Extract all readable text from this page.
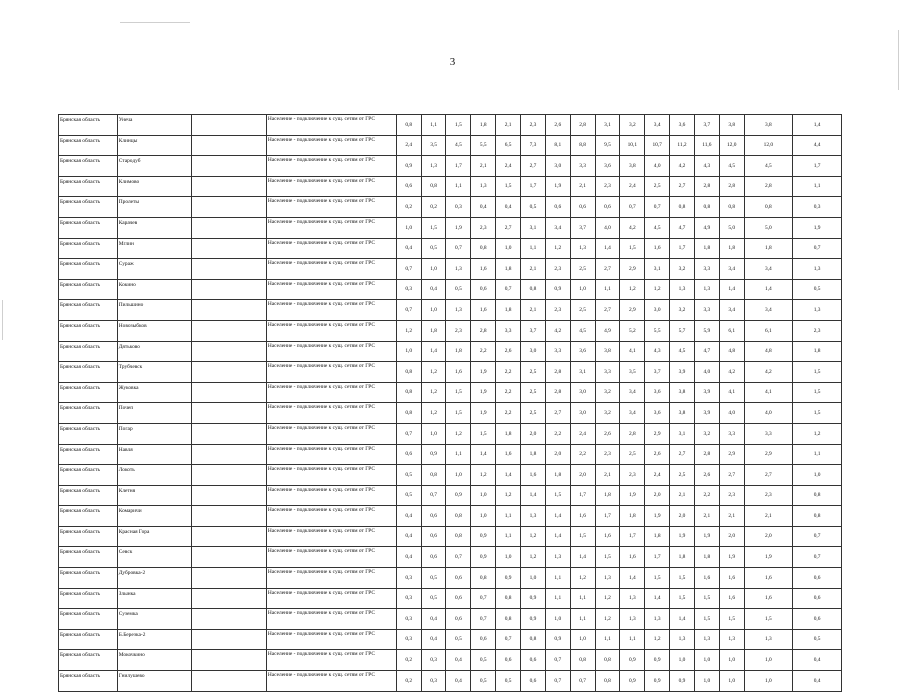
3
Брянская область	Унеча		Население - подключение к сущ. сетям от ГРС	0,8	1,1	1,5	1,8	2,1	2,3	2,6	2,8	3,1	3,2	3,4	3,6	3,7	3,8	3,8	1,4
Брянская область	Клинцы		Население - подключение к сущ. сетям от ГРС	2,4	3,5	4,5	5,5	6,5	7,3	8,1	8,8	9,5	10,1	10,7	11,2	11,6	12,0	12,0	4,4
Брянская область	Стародуб		Население - подключение к сущ. сетям от ГРС	0,9	1,3	1,7	2,1	2,4	2,7	3,0	3,3	3,6	3,8	4,0	4,2	4,3	4,5	4,5	1,7
Брянская область	Климово		Население - подключение к сущ. сетям от ГРС	0,6	0,8	1,1	1,3	1,5	1,7	1,9	2,1	2,3	2,4	2,5	2,7	2,8	2,8	2,8	1,1
Брянская область	Пролеты		Население - подключение к сущ. сетям от ГРС	0,2	0,2	0,3	0,4	0,4	0,5	0,6	0,6	0,6	0,7	0,7	0,8	0,8	0,8	0,8	0,3
Брянская область	Карачев		Население - подключение к сущ. сетям от ГРС	1,0	1,5	1,9	2,3	2,7	3,1	3,4	3,7	4,0	4,2	4,5	4,7	4,9	5,0	5,0	1,9
Брянская область	Мглин		Население - подключение к сущ. сетям от ГРС	0,4	0,5	0,7	0,8	1,0	1,1	1,2	1,3	1,4	1,5	1,6	1,7	1,8	1,8	1,8	0,7
Брянская область	Сураж		Население - подключение к сущ. сетям от ГРС	0,7	1,0	1,3	1,6	1,8	2,1	2,3	2,5	2,7	2,9	3,1	3,2	3,3	3,4	3,4	1,3
Брянская область	Кокино		Население - подключение к сущ. сетям от ГРС	0,3	0,4	0,5	0,6	0,7	0,8	0,9	1,0	1,1	1,2	1,2	1,3	1,3	1,4	1,4	0,5
Брянская область	Пильшино		Население - подключение к сущ. сетям от ГРС	0,7	1,0	1,3	1,6	1,8	2,1	2,3	2,5	2,7	2,9	3,0	3,2	3,3	3,4	3,4	1,3
Брянская область	Новозыбков		Население - подключение к сущ. сетям от ГРС	1,2	1,8	2,3	2,8	3,3	3,7	4,2	4,5	4,9	5,2	5,5	5,7	5,9	6,1	6,1	2,3
Брянская область	Дятьково		Население - подключение к сущ. сетям от ГРС	1,0	1,4	1,8	2,2	2,6	3,0	3,3	3,6	3,8	4,1	4,3	4,5	4,7	4,8	4,8	1,8
Брянская область	Трубчевск		Население - подключение к сущ. сетям от ГРС	0,8	1,2	1,6	1,9	2,2	2,5	2,8	3,1	3,3	3,5	3,7	3,9	4,0	4,2	4,2	1,5
Брянская область	Жуковка		Население - подключение к сущ. сетям от ГРС	0,8	1,2	1,5	1,9	2,2	2,5	2,8	3,0	3,2	3,4	3,6	3,8	3,9	4,1	4,1	1,5
Брянская область	Почеп		Население - подключение к сущ. сетям от ГРС	0,8	1,2	1,5	1,9	2,2	2,5	2,7	3,0	3,2	3,4	3,6	3,8	3,9	4,0	4,0	1,5
Брянская область	Погар		Население - подключение к сущ. сетям от ГРС	0,7	1,0	1,2	1,5	1,8	2,0	2,2	2,4	2,6	2,8	2,9	3,1	3,2	3,3	3,3	1,2
Брянская область	Навля		Население - подключение к сущ. сетям от ГРС	0,6	0,9	1,1	1,4	1,6	1,8	2,0	2,2	2,3	2,5	2,6	2,7	2,8	2,9	2,9	1,1
Брянская область	Локоть		Население - подключение к сущ. сетям от ГРС	0,5	0,8	1,0	1,2	1,4	1,6	1,8	2,0	2,1	2,3	2,4	2,5	2,6	2,7	2,7	1,0
Брянская область	Клетня		Население - подключение к сущ. сетям от ГРС	0,5	0,7	0,9	1,0	1,2	1,4	1,5	1,7	1,8	1,9	2,0	2,1	2,2	2,3	2,3	0,8
Брянская область	Комаричи		Население - подключение к сущ. сетям от ГРС	0,4	0,6	0,8	1,0	1,1	1,3	1,4	1,6	1,7	1,8	1,9	2,0	2,1	2,1	2,1	0,8
Брянская область	Красная Гора		Население - подключение к сущ. сетям от ГРС	0,4	0,6	0,8	0,9	1,1	1,2	1,4	1,5	1,6	1,7	1,8	1,9	1,9	2,0	2,0	0,7
Брянская область	Севск		Население - подключение к сущ. сетям от ГРС	0,4	0,6	0,7	0,9	1,0	1,2	1,3	1,4	1,5	1,6	1,7	1,8	1,8	1,9	1,9	0,7
Брянская область	Дубровка-2		Население - подключение к сущ. сетям от ГРС	0,3	0,5	0,6	0,8	0,9	1,0	1,1	1,2	1,3	1,4	1,5	1,5	1,6	1,6	1,6	0,6
Брянская область	Злынка		Население - подключение к сущ. сетям от ГРС	0,3	0,5	0,6	0,7	0,8	0,9	1,1	1,1	1,2	1,3	1,4	1,5	1,5	1,6	1,6	0,6
Брянская область	Суземка		Население - подключение к сущ. сетям от ГРС	0,3	0,4	0,6	0,7	0,8	0,9	1,0	1,1	1,2	1,3	1,3	1,4	1,5	1,5	1,5	0,6
Брянская область	Б.Березка-2		Население - подключение к сущ. сетям от ГРС	0,3	0,4	0,5	0,6	0,7	0,8	0,9	1,0	1,1	1,1	1,2	1,3	1,3	1,3	1,3	0,5
Брянская область	Мокочкино		Население - подключение к сущ. сетям от ГРС	0,2	0,3	0,4	0,5	0,6	0,6	0,7	0,8	0,8	0,9	0,9	1,0	1,0	1,0	1,0	0,4
Брянская область	Гнилушево		Население - подключение к сущ. сетям от ГРС	0,2	0,3	0,4	0,5	0,5	0,6	0,7	0,7	0,8	0,9	0,9	0,9	1,0	1,0	1,0	0,4
